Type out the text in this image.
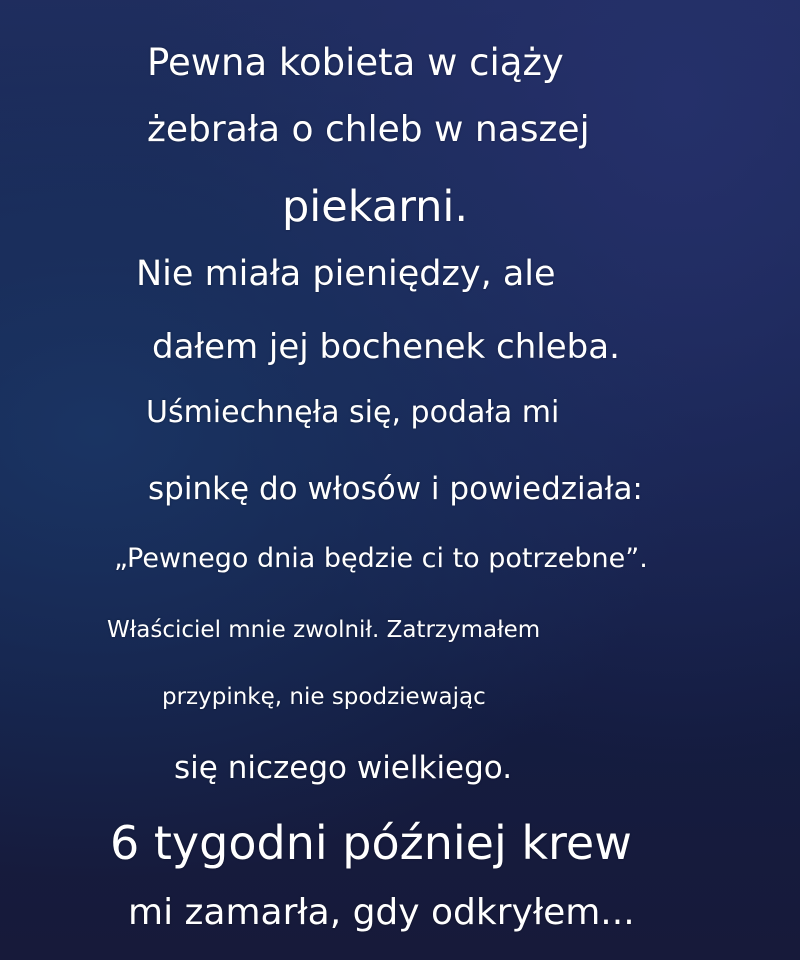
Pewna kobieta w ciąży
żebrała o chleb w naszej
piekarni.
Nie miała pieniędzy, ale
dałem jej bochenek chleba.
Uśmiechnęła się, podała mi
spinkę do włosów i powiedziała:
„Pewnego dnia będzie ci to potrzebne”.
Właściciel mnie zwolnił. Zatrzymałem
przypinkę, nie spodziewając
się niczego wielkiego.
6 tygodni później krew
mi zamarła, gdy odkryłem...
